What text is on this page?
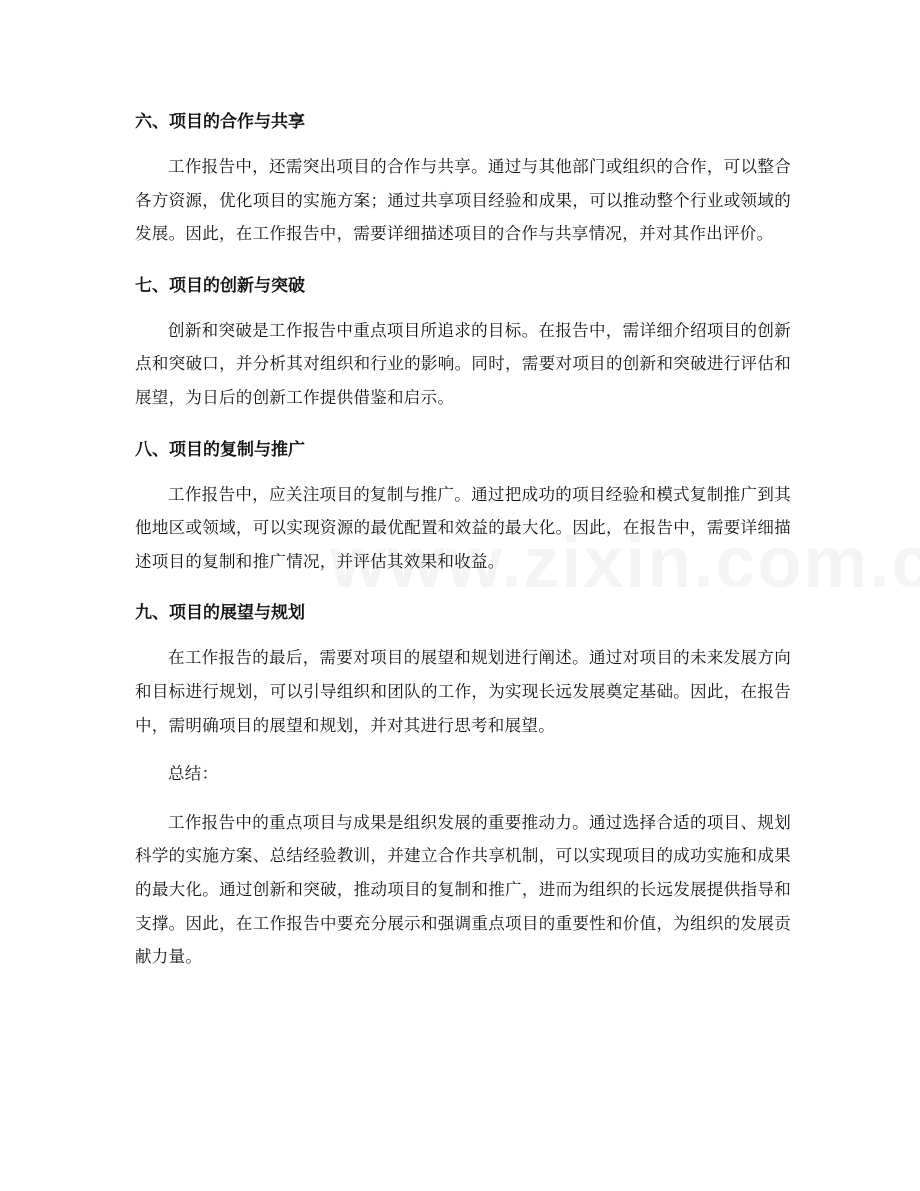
六、项目的合作与共享

工作报告中，还需突出项目的合作与共享。通过与其他部门或组织的合作，可以整合各方资源，优化项目的实施方案；通过共享项目经验和成果，可以推动整个行业或领域的发展。因此，在工作报告中，需要详细描述项目的合作与共享情况，并对其作出评价。

七、项目的创新与突破

创新和突破是工作报告中重点项目所追求的目标。在报告中，需详细介绍项目的创新点和突破口，并分析其对组织和行业的影响。同时，需要对项目的创新和突破进行评估和展望，为日后的创新工作提供借鉴和启示。

八、项目的复制与推广

工作报告中，应关注项目的复制与推广。通过把成功的项目经验和模式复制推广到其他地区或领域，可以实现资源的最优配置和效益的最大化。因此，在报告中，需要详细描述项目的复制和推广情况，并评估其效果和收益。

九、项目的展望与规划

在工作报告的最后，需要对项目的展望和规划进行阐述。通过对项目的未来发展方向和目标进行规划，可以引导组织和团队的工作，为实现长远发展奠定基础。因此，在报告中，需明确项目的展望和规划，并对其进行思考和展望。

总结：

工作报告中的重点项目与成果是组织发展的重要推动力。通过选择合适的项目、规划科学的实施方案、总结经验教训，并建立合作共享机制，可以实现项目的成功实施和成果的最大化。通过创新和突破，推动项目的复制和推广，进而为组织的长远发展提供指导和支撑。因此，在工作报告中要充分展示和强调重点项目的重要性和价值，为组织的发展贡献力量。
